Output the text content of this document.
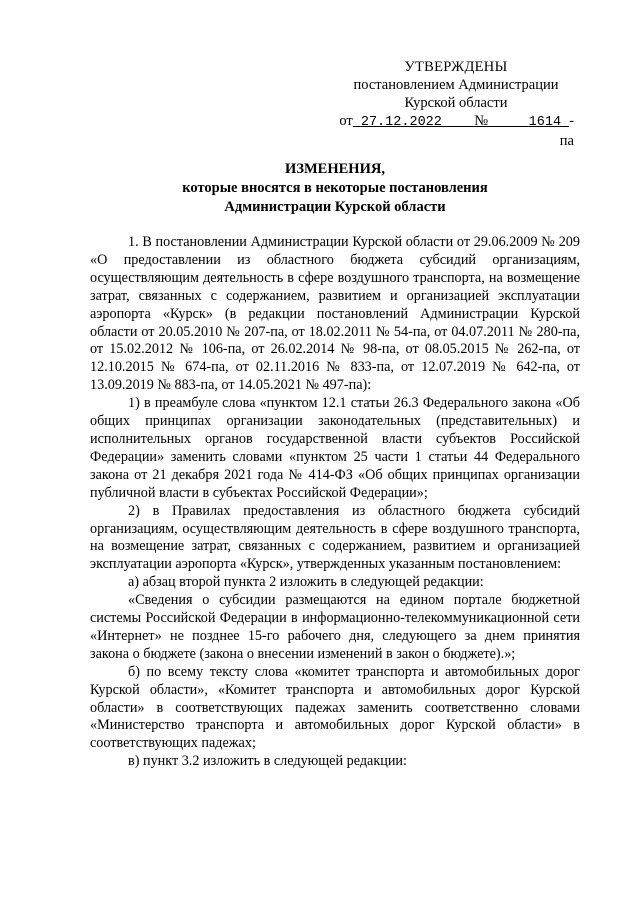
УТВЕРЖДЕНЫ
постановлением Администрации
Курской области
от 27.12.2022 №	1614 -па
ИЗМЕНЕНИЯ,
которые вносятся в некоторые постановления
Администрации Курской области

1. В постановлении Администрации Курской области от 29.06.2009 № 209 «О предоставлении из областного бюджета субсидий организациям, осуществляющим деятельность в сфере воздушного транспорта, на возмещение затрат, связанных с содержанием, развитием и организацией эксплуатации аэропорта «Курск» (в редакции постановлений Администрации Курской области от 20.05.2010 № 207-па, от 18.02.2011 № 54-па, от 04.07.2011 № 280-па, от 15.02.2012 № 106-па, от 26.02.2014 № 98-па, от 08.05.2015 № 262-па, от 12.10.2015 № 674-па, от 02.11.2016 № 833-па, от 12.07.2019 № 642-па, от 13.09.2019 № 883-па, от 14.05.2021 № 497-па):

1) в преамбуле слова «пунктом 12.1 статьи 26.3 Федерального закона «Об общих принципах организации законодательных (представительных) и исполнительных органов государственной власти субъектов Российской Федерации» заменить словами «пунктом 25 части 1 статьи 44 Федерального закона от 21 декабря 2021 года № 414-ФЗ «Об общих принципах организации публичной власти в субъектах Российской Федерации»;

2) в Правилах предоставления из областного бюджета субсидий организациям, осуществляющим деятельность в сфере воздушного транспорта, на возмещение затрат, связанных с содержанием, развитием и организацией эксплуатации аэропорта «Курск», утвержденных указанным постановлением:

а) абзац второй пункта 2 изложить в следующей редакции:

«Сведения о субсидии размещаются на едином портале бюджетной системы Российской Федерации в информационно-телекоммуникационной сети «Интернет» не позднее 15-го рабочего дня, следующего за днем принятия закона о бюджете (закона о внесении изменений в закон о бюджете).»;

б) по всему тексту слова «комитет транспорта и автомобильных дорог Курской области», «Комитет транспорта и автомобильных дорог Курской области» в соответствующих падежах заменить соответственно словами «Министерство транспорта и автомобильных дорог Курской области» в соответствующих падежах;

в) пункт 3.2 изложить в следующей редакции:
